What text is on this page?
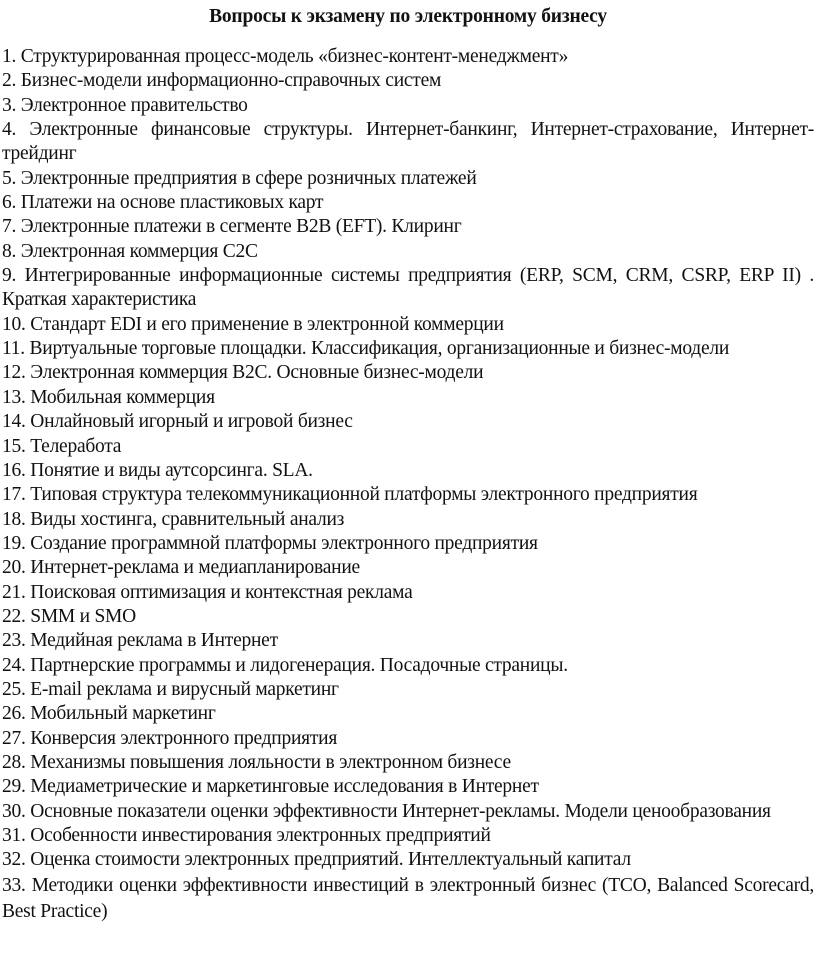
Вопросы к экзамену по электронному бизнесу
1. Структурированная процесс-модель «бизнес-контент-менеджмент»
2. Бизнес-модели информационно-справочных систем
3. Электронное правительство
4. Электронные финансовые структуры. Интернет-банкинг, Интернет-страхование, Интернет-трейдинг
5. Электронные предприятия в сфере розничных платежей
6. Платежи на основе пластиковых карт
7. Электронные платежи в сегменте B2B (EFT). Клиринг
8. Электронная коммерция C2C
9. Интегрированные информационные системы предприятия (ERP, SCM, CRM, CSRP, ERP II) . Краткая характеристика
10. Стандарт EDI и его применение в электронной коммерции
11. Виртуальные торговые площадки. Классификация, организационные и бизнес-модели
12. Электронная коммерция B2C. Основные бизнес-модели
13. Мобильная коммерция
14. Онлайновый игорный и игровой бизнес
15. Телеработа
16. Понятие и виды аутсорсинга. SLA.
17. Типовая структура телекоммуникационной платформы электронного предприятия
18. Виды хостинга, сравнительный анализ
19. Создание программной платформы электронного предприятия
20. Интернет-реклама и медиапланирование
21. Поисковая оптимизация и контекстная реклама
22. SMM и SMO
23. Медийная реклама в Интернет
24. Партнерские программы и лидогенерация. Посадочные страницы.
25. E-mail реклама и вирусный маркетинг
26. Мобильный маркетинг
27. Конверсия электронного предприятия
28. Механизмы повышения лояльности в электронном бизнесе
29. Медиаметрические и маркетинговые исследования в Интернет
30. Основные показатели оценки эффективности Интернет-рекламы. Модели ценообразования
31. Особенности инвестирования электронных предприятий
32. Оценка стоимости электронных предприятий. Интеллектуальный капитал
33. Методики оценки эффективности инвестиций в электронный бизнес (TCO, Balanced Scorecard, Best Practice)
